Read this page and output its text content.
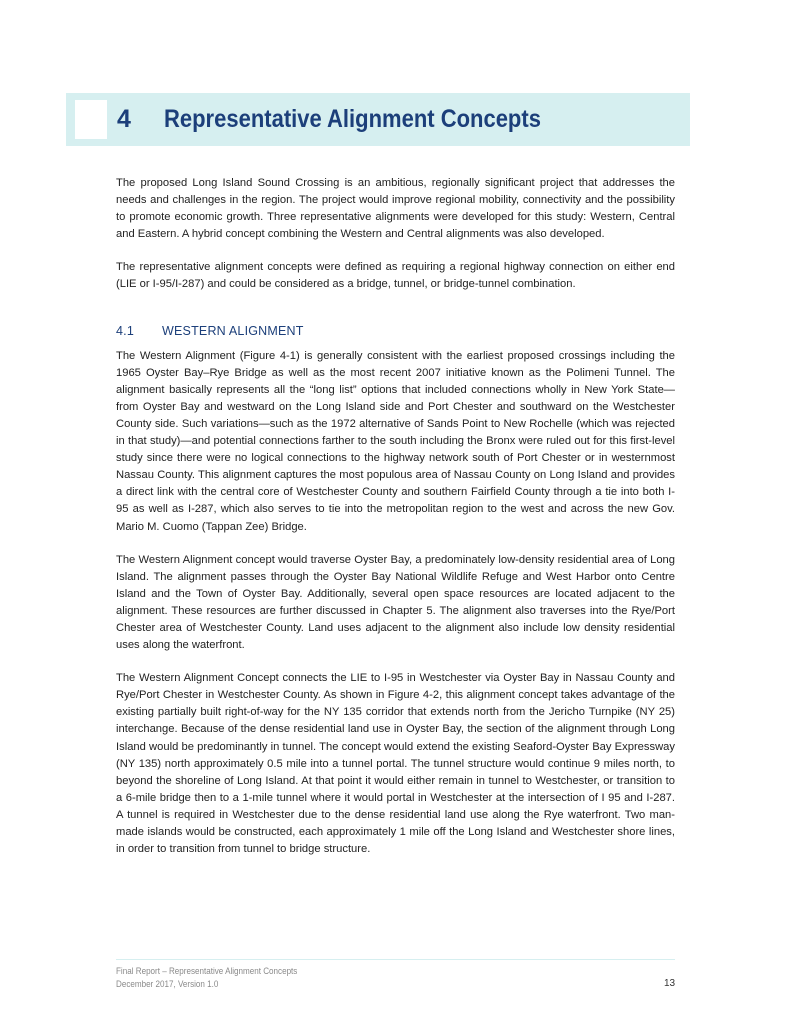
4 Representative Alignment Concepts

The proposed Long Island Sound Crossing is an ambitious, regionally significant project that addresses the needs and challenges in the region. The project would improve regional mobility, connectivity and the possibility to promote economic growth. Three representative alignments were developed for this study: Western, Central and Eastern. A hybrid concept combining the Western and Central alignments was also developed.

The representative alignment concepts were defined as requiring a regional highway connection on either end (LIE or I-95/I-287) and could be considered as a bridge, tunnel, or bridge-tunnel combination.

4.1 WESTERN ALIGNMENT

The Western Alignment (Figure 4-1) is generally consistent with the earliest proposed crossings including the 1965 Oyster Bay–Rye Bridge as well as the most recent 2007 initiative known as the Polimeni Tunnel. The alignment basically represents all the “long list” options that included connections wholly in New York State—from Oyster Bay and westward on the Long Island side and Port Chester and southward on the Westchester County side. Such variations—such as the 1972 alternative of Sands Point to New Rochelle (which was rejected in that study)—and potential connections farther to the south including the Bronx were ruled out for this first-level study since there were no logical connections to the highway network south of Port Chester or in westernmost Nassau County. This alignment captures the most populous area of Nassau County on Long Island and provides a direct link with the central core of Westchester County and southern Fairfield County through a tie into both I-95 as well as I-287, which also serves to tie into the metropolitan region to the west and across the new Gov. Mario M. Cuomo (Tappan Zee) Bridge.

The Western Alignment concept would traverse Oyster Bay, a predominately low-density residential area of Long Island. The alignment passes through the Oyster Bay National Wildlife Refuge and West Harbor onto Centre Island and the Town of Oyster Bay. Additionally, several open space resources are located adjacent to the alignment. These resources are further discussed in Chapter 5. The alignment also traverses into the Rye/Port Chester area of Westchester County. Land uses adjacent to the alignment also include low density residential uses along the waterfront.

The Western Alignment Concept connects the LIE to I-95 in Westchester via Oyster Bay in Nassau County and Rye/Port Chester in Westchester County. As shown in Figure 4-2, this alignment concept takes advantage of the existing partially built right-of-way for the NY 135 corridor that extends north from the Jericho Turnpike (NY 25) interchange. Because of the dense residential land use in Oyster Bay, the section of the alignment through Long Island would be predominantly in tunnel. The concept would extend the existing Seaford-Oyster Bay Expressway (NY 135) north approximately 0.5 mile into a tunnel portal. The tunnel structure would continue 9 miles north, to beyond the shoreline of Long Island. At that point it would either remain in tunnel to Westchester, or transition to a 6-mile bridge then to a 1-mile tunnel where it would portal in Westchester at the intersection of I 95 and I-287. A tunnel is required in Westchester due to the dense residential land use along the Rye waterfront. Two man-made islands would be constructed, each approximately 1 mile off the Long Island and Westchester shore lines, in order to transition from tunnel to bridge structure.

Final Report – Representative Alignment Concepts
December 2017, Version 1.0	13
